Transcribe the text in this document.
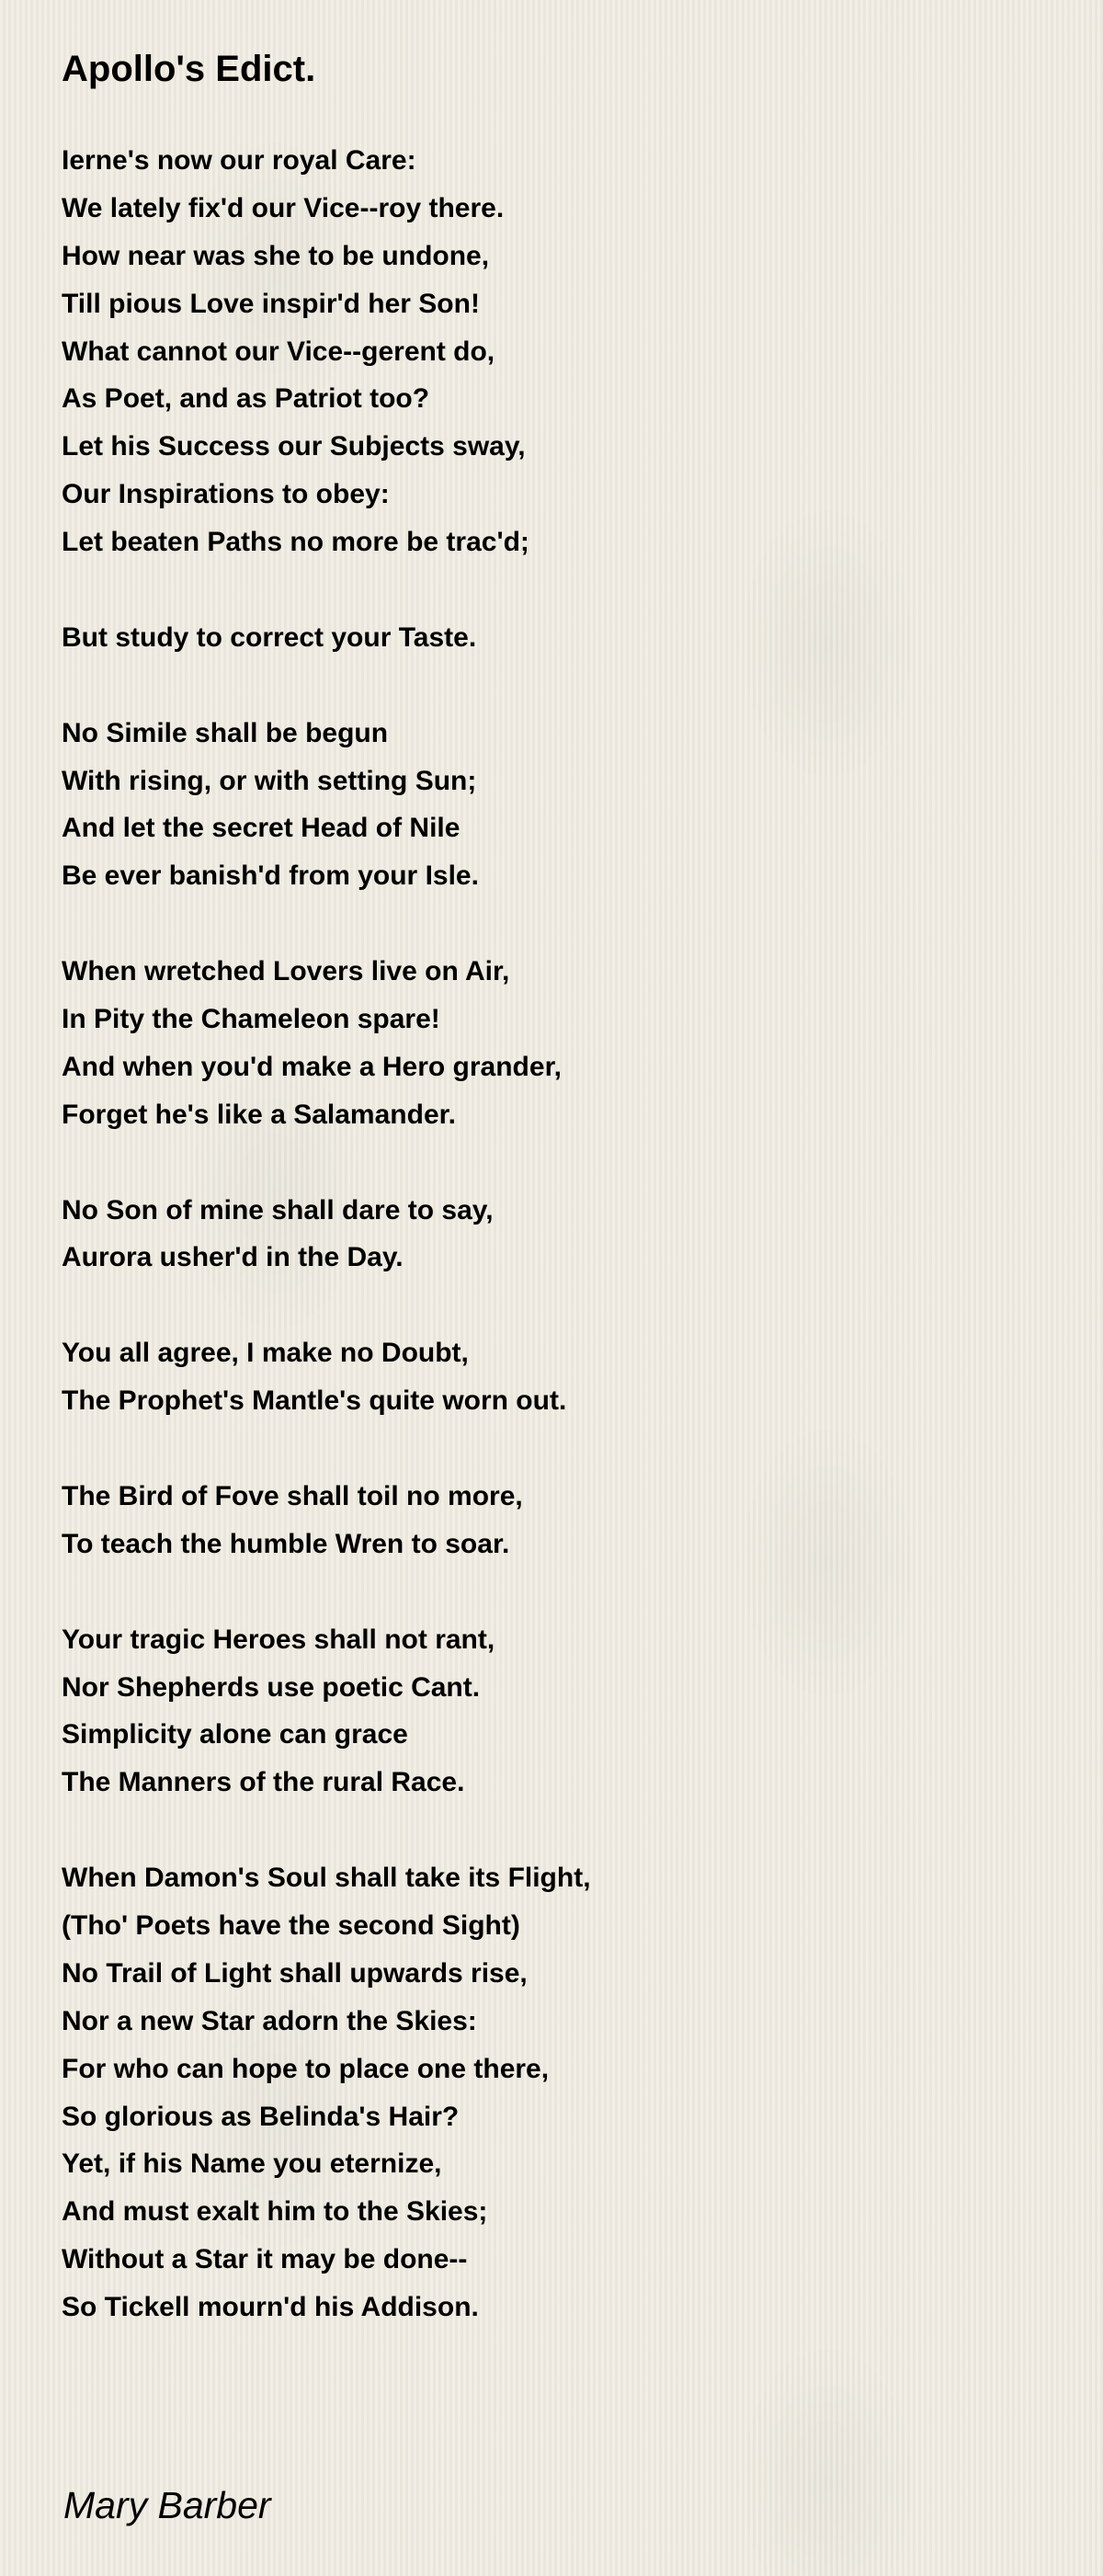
Apollo's Edict.
Ierne's now our royal Care:
We lately fix'd our Vice--roy there.
How near was she to be undone,
Till pious Love inspir'd her Son!
What cannot our Vice--gerent do,
As Poet, and as Patriot too?
Let his Success our Subjects sway,
Our Inspirations to obey:
Let beaten Paths no more be trac'd;
But study to correct your Taste.
No Simile shall be begun
With rising, or with setting Sun;
And let the secret Head of Nile
Be ever banish'd from your Isle.
When wretched Lovers live on Air,
In Pity the Chameleon spare!
And when you'd make a Hero grander,
Forget he's like a Salamander.
No Son of mine shall dare to say,
Aurora usher'd in the Day.
You all agree, I make no Doubt,
The Prophet's Mantle's quite worn out.
The Bird of Fove shall toil no more,
To teach the humble Wren to soar.
Your tragic Heroes shall not rant,
Nor Shepherds use poetic Cant.
Simplicity alone can grace
The Manners of the rural Race.
When Damon's Soul shall take its Flight,
(Tho' Poets have the second Sight)
No Trail of Light shall upwards rise,
Nor a new Star adorn the Skies:
For who can hope to place one there,
So glorious as Belinda's Hair?
Yet, if his Name you eternize,
And must exalt him to the Skies;
Without a Star it may be done--
So Tickell mourn'd his Addison.
Mary Barber
